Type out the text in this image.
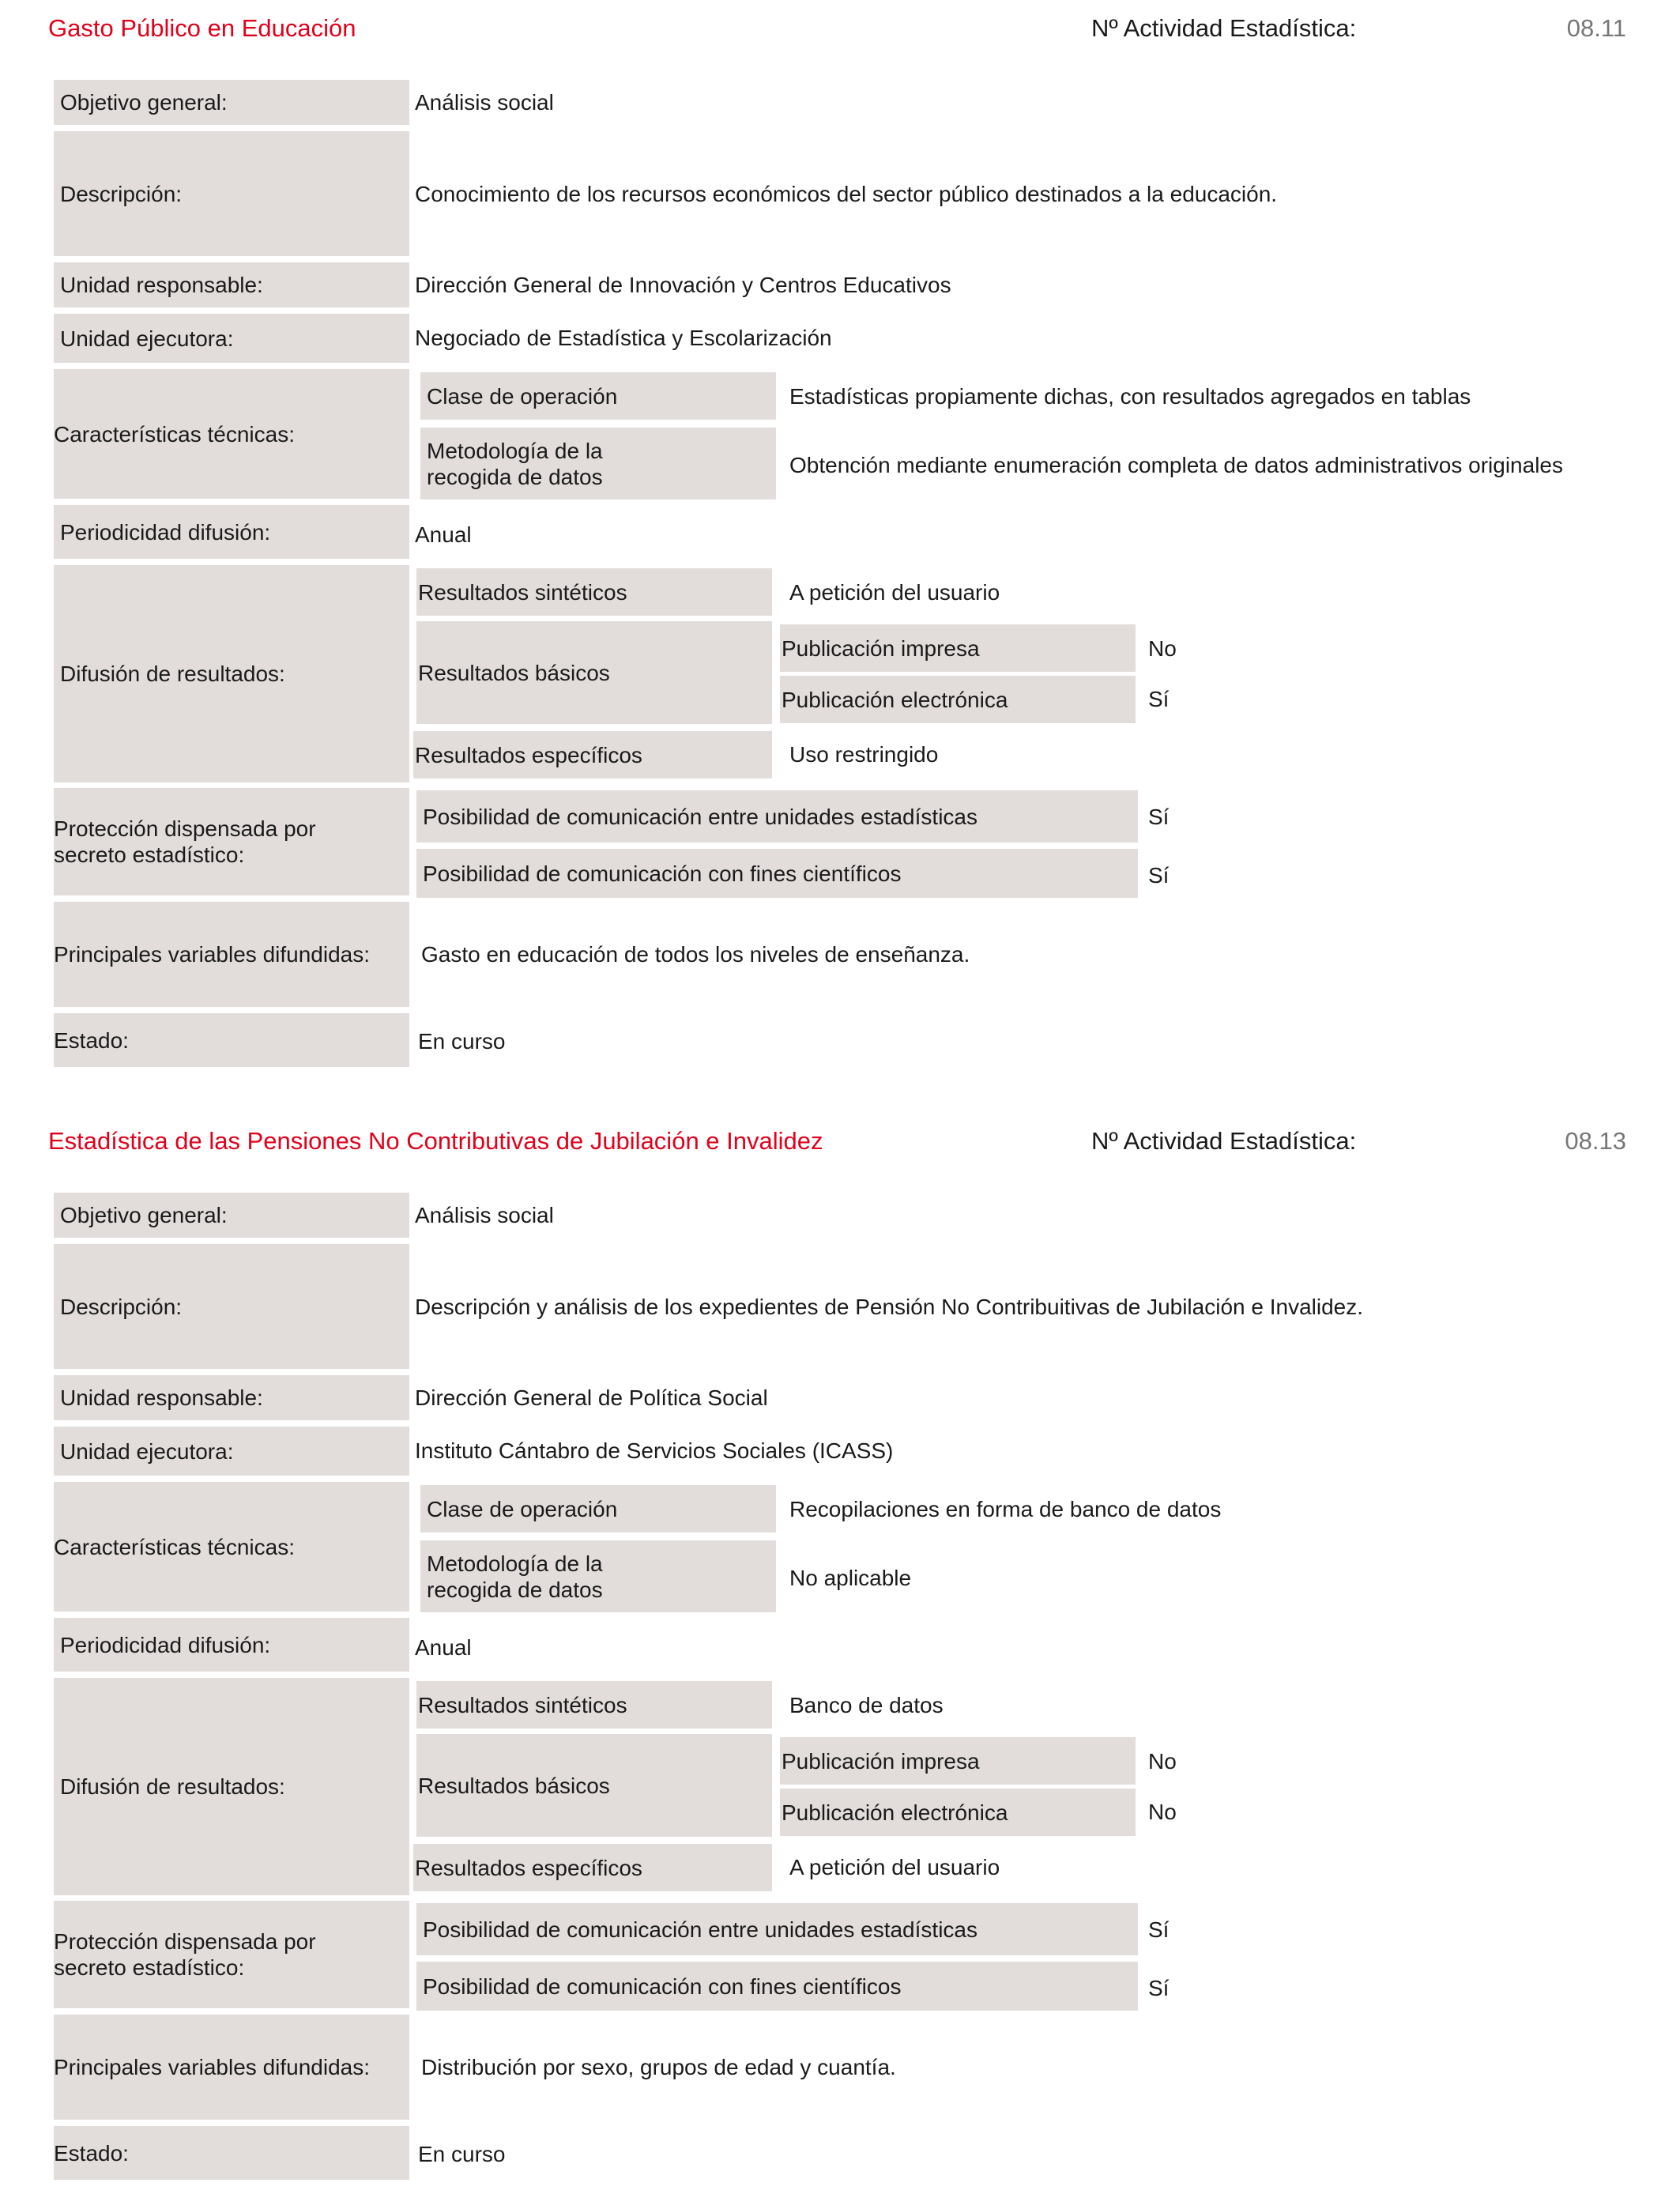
Gasto Público en Educación	Nº Actividad Estadística:	08.11
Objetivo general:	Análisis social
Descripción:	Conocimiento de los recursos económicos del sector público destinados a la educación.
Unidad responsable:	Dirección General de Innovación y Centros Educativos
Unidad ejecutora:	Negociado de Estadística y Escolarización
Características técnicas:
Clase de operación	Estadísticas propiamente dichas, con resultados agregados en tablas
Metodología de la recogida de datos	Obtención mediante enumeración completa de datos administrativos originales
Periodicidad difusión:	Anual
Difusión de resultados:
Resultados sintéticos	A petición del usuario
Resultados básicos
Publicación impresa	No
Publicación electrónica	Sí
Resultados específicos	Uso restringido
Protección dispensada por secreto estadístico:
Posibilidad de comunicación entre unidades estadísticas	Sí
Posibilidad de comunicación con fines científicos	Sí
Principales variables difundidas:	Gasto en educación de todos los niveles de enseñanza.
Estado:	En curso
Estadística de las Pensiones No Contributivas de Jubilación e Invalidez	Nº Actividad Estadística:	08.13
Objetivo general:	Análisis social
Descripción:	Descripción y análisis de los expedientes de Pensión No Contribuitivas de Jubilación e Invalidez.
Unidad responsable:	Dirección General de Política Social
Unidad ejecutora:	Instituto Cántabro de Servicios Sociales (ICASS)
Características técnicas:
Clase de operación	Recopilaciones en forma de banco de datos
Metodología de la recogida de datos	No aplicable
Periodicidad difusión:	Anual
Difusión de resultados:
Resultados sintéticos	Banco de datos
Resultados básicos
Publicación impresa	No
Publicación electrónica	No
Resultados específicos	A petición del usuario
Protección dispensada por secreto estadístico:
Posibilidad de comunicación entre unidades estadísticas	Sí
Posibilidad de comunicación con fines científicos	Sí
Principales variables difundidas:	Distribución por sexo, grupos de edad y cuantía.
Estado:	En curso
